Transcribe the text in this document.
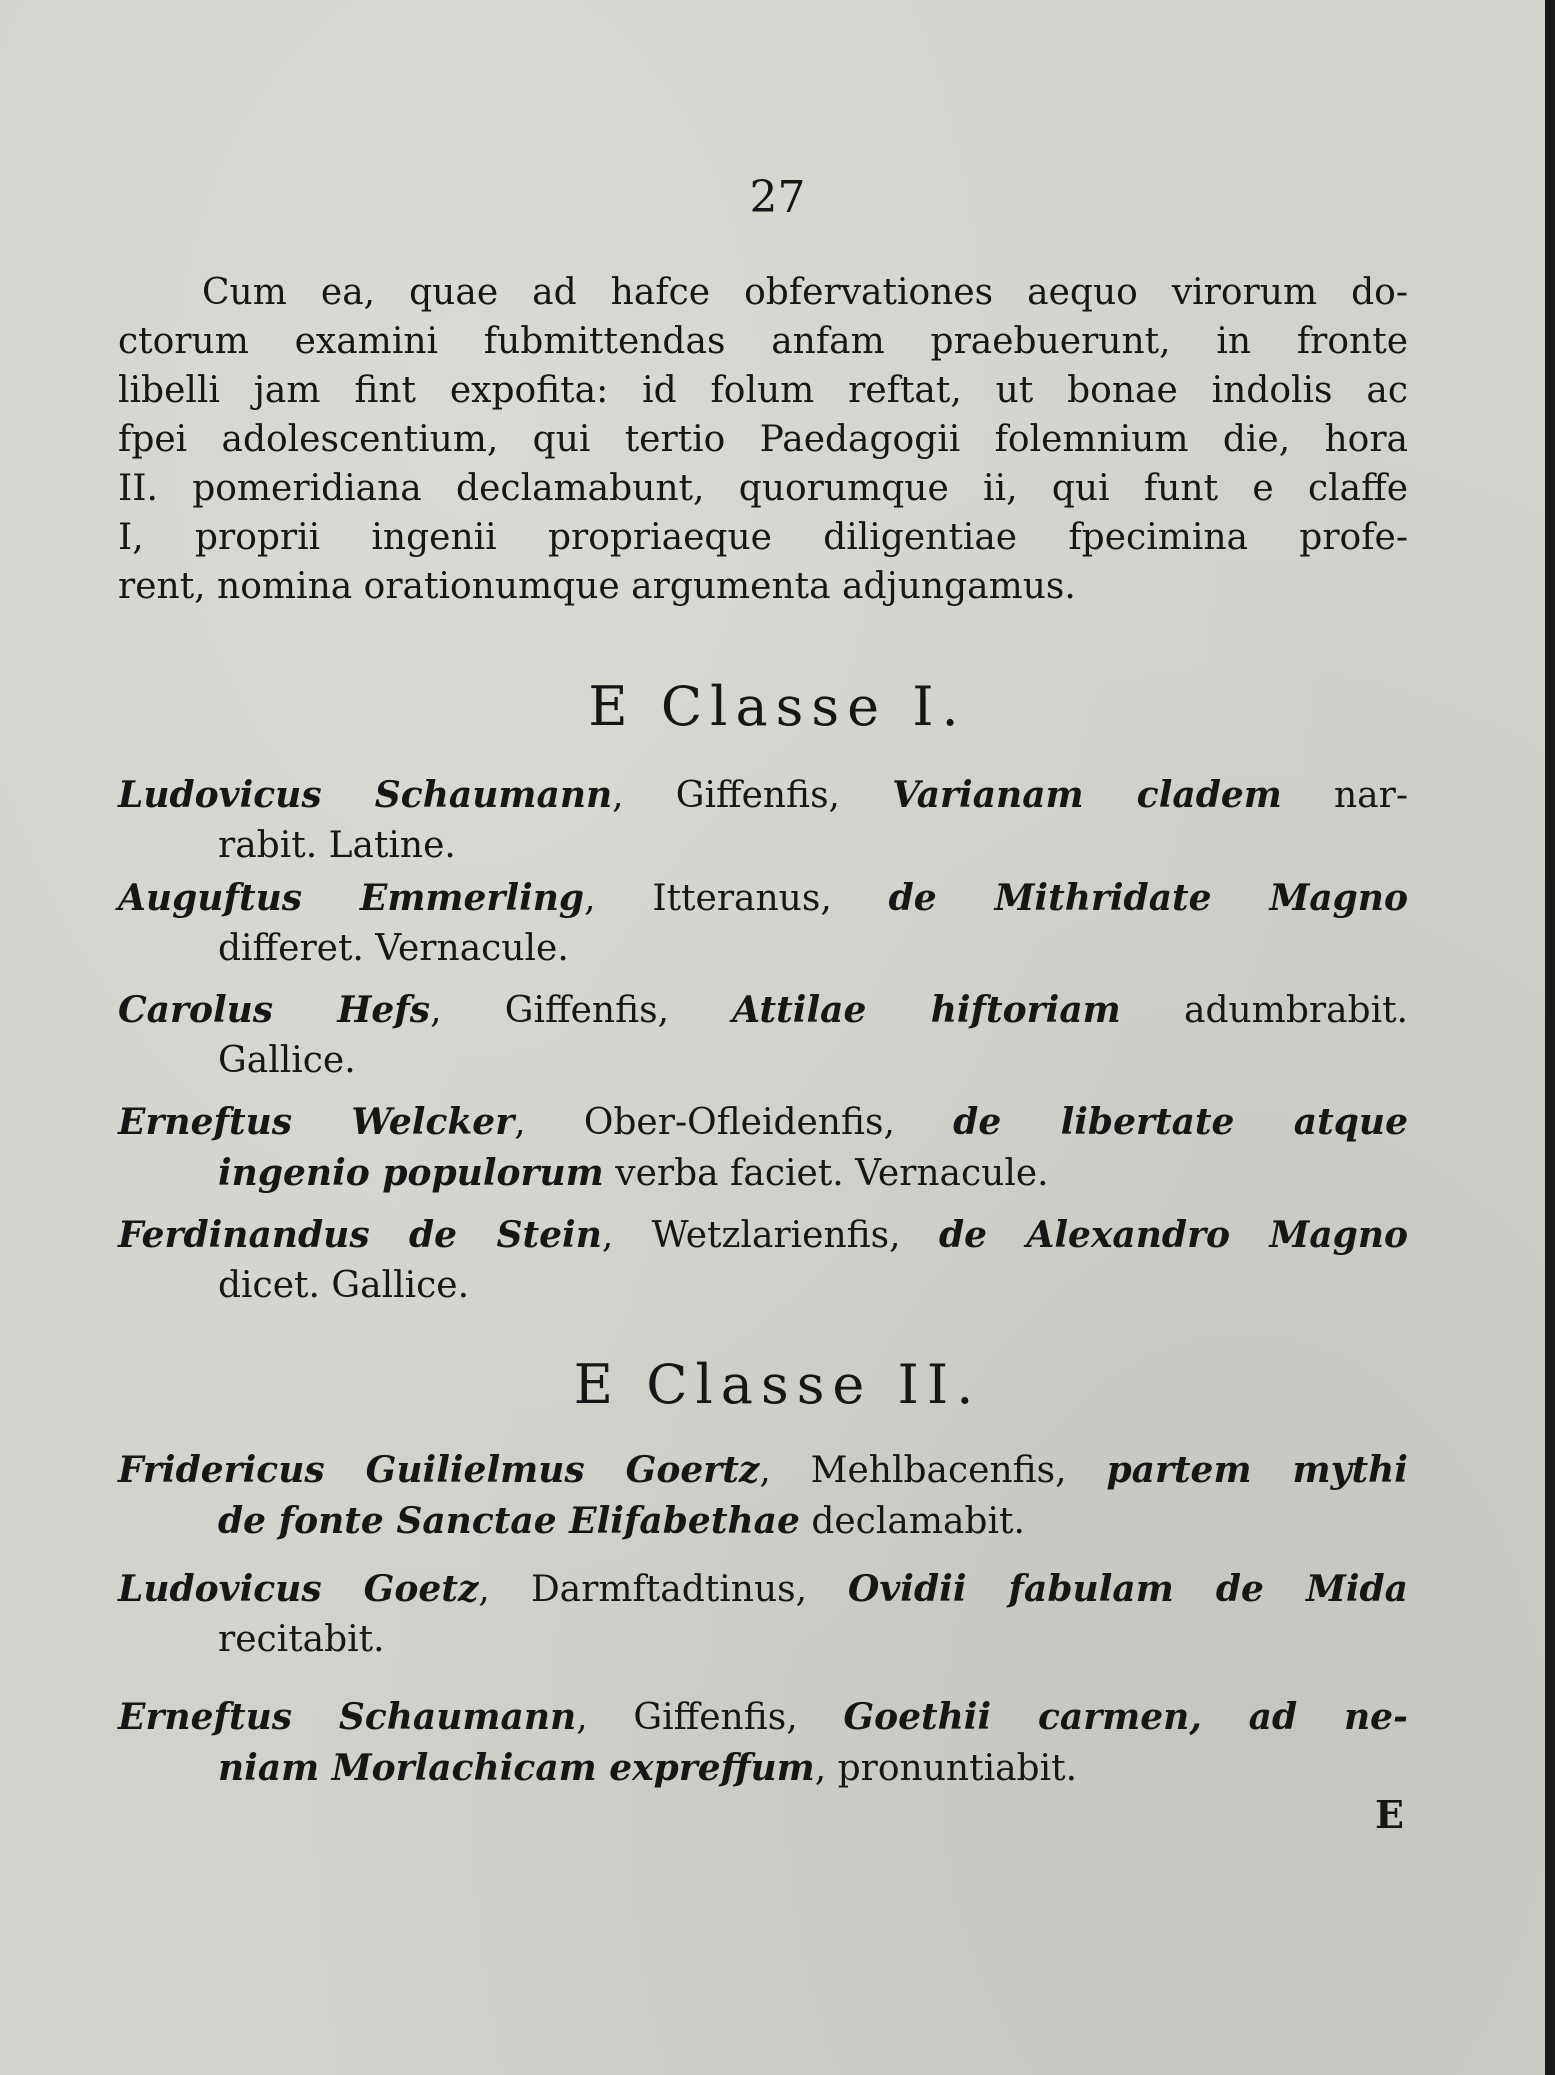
27
Cum ea, quae ad hafce obfervationes aequo virorum do-
ctorum examini fubmittendas anfam praebuerunt, in fronte
libelli jam fint expofita: id folum reftat, ut bonae indolis ac
fpei adolescentium, qui tertio Paedagogii folemnium die, hora
II. pomeridiana declamabunt, quorumque ii, qui funt e claffe
I, proprii ingenii propriaeque diligentiae fpecimina profe-
rent, nomina orationumque argumenta adjungamus.
E Classe I.
Ludovicus Schaumann, Giffenfis, Varianam cladem nar-
rabit. Latine.
Auguftus Emmerling, Itteranus, de Mithridate Magno
differet. Vernacule.
Carolus Hefs, Giffenfis, Attilae hiftoriam adumbrabit.
Gallice.
Erneftus Welcker, Ober-Ofleidenfis, de libertate atque
ingenio populorum verba faciet. Vernacule.
Ferdinandus de Stein, Wetzlarienfis, de Alexandro Magno
dicet. Gallice.
E Classe II.
Fridericus Guilielmus Goertz, Mehlbacenfis, partem mythi
de fonte Sanctae Elifabethae declamabit.
Ludovicus Goetz, Darmftadtinus, Ovidii fabulam de Mida
recitabit.
Erneftus Schaumann, Giffenfis, Goethii carmen, ad ne-
niam Morlachicam expreffum, pronuntiabit.
E
